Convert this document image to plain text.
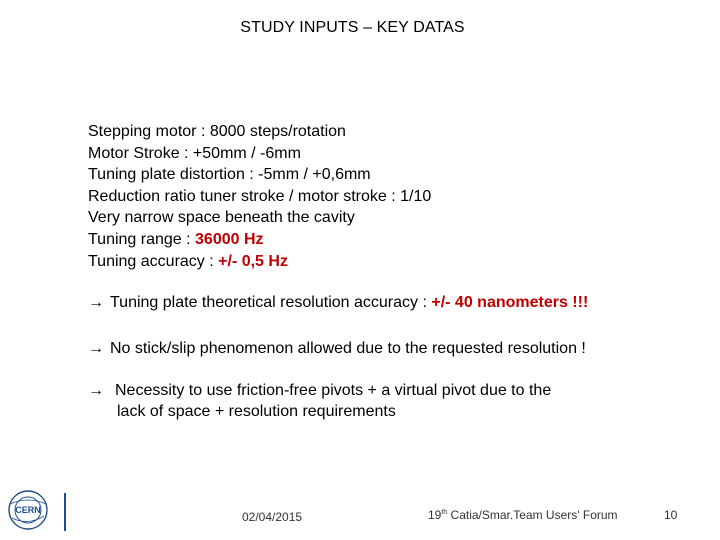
STUDY INPUTS – KEY DATAS
Stepping motor : 8000 steps/rotation
Motor Stroke : +50mm / -6mm
Tuning plate distortion : -5mm / +0,6mm
Reduction ratio tuner stroke / motor stroke : 1/10
Very narrow space beneath the cavity
Tuning range : 36000 Hz
Tuning accuracy : +/- 0,5 Hz
→ Tuning plate theoretical resolution accuracy : +/- 40 nanometers !!!
→ No stick/slip phenomenon allowed due to the requested resolution !
→ Necessity to use friction-free pivots + a virtual pivot due to the
lack of space + resolution requirements
CERN	02/04/2015	19th Catia/Smar.Team Users' Forum	10
